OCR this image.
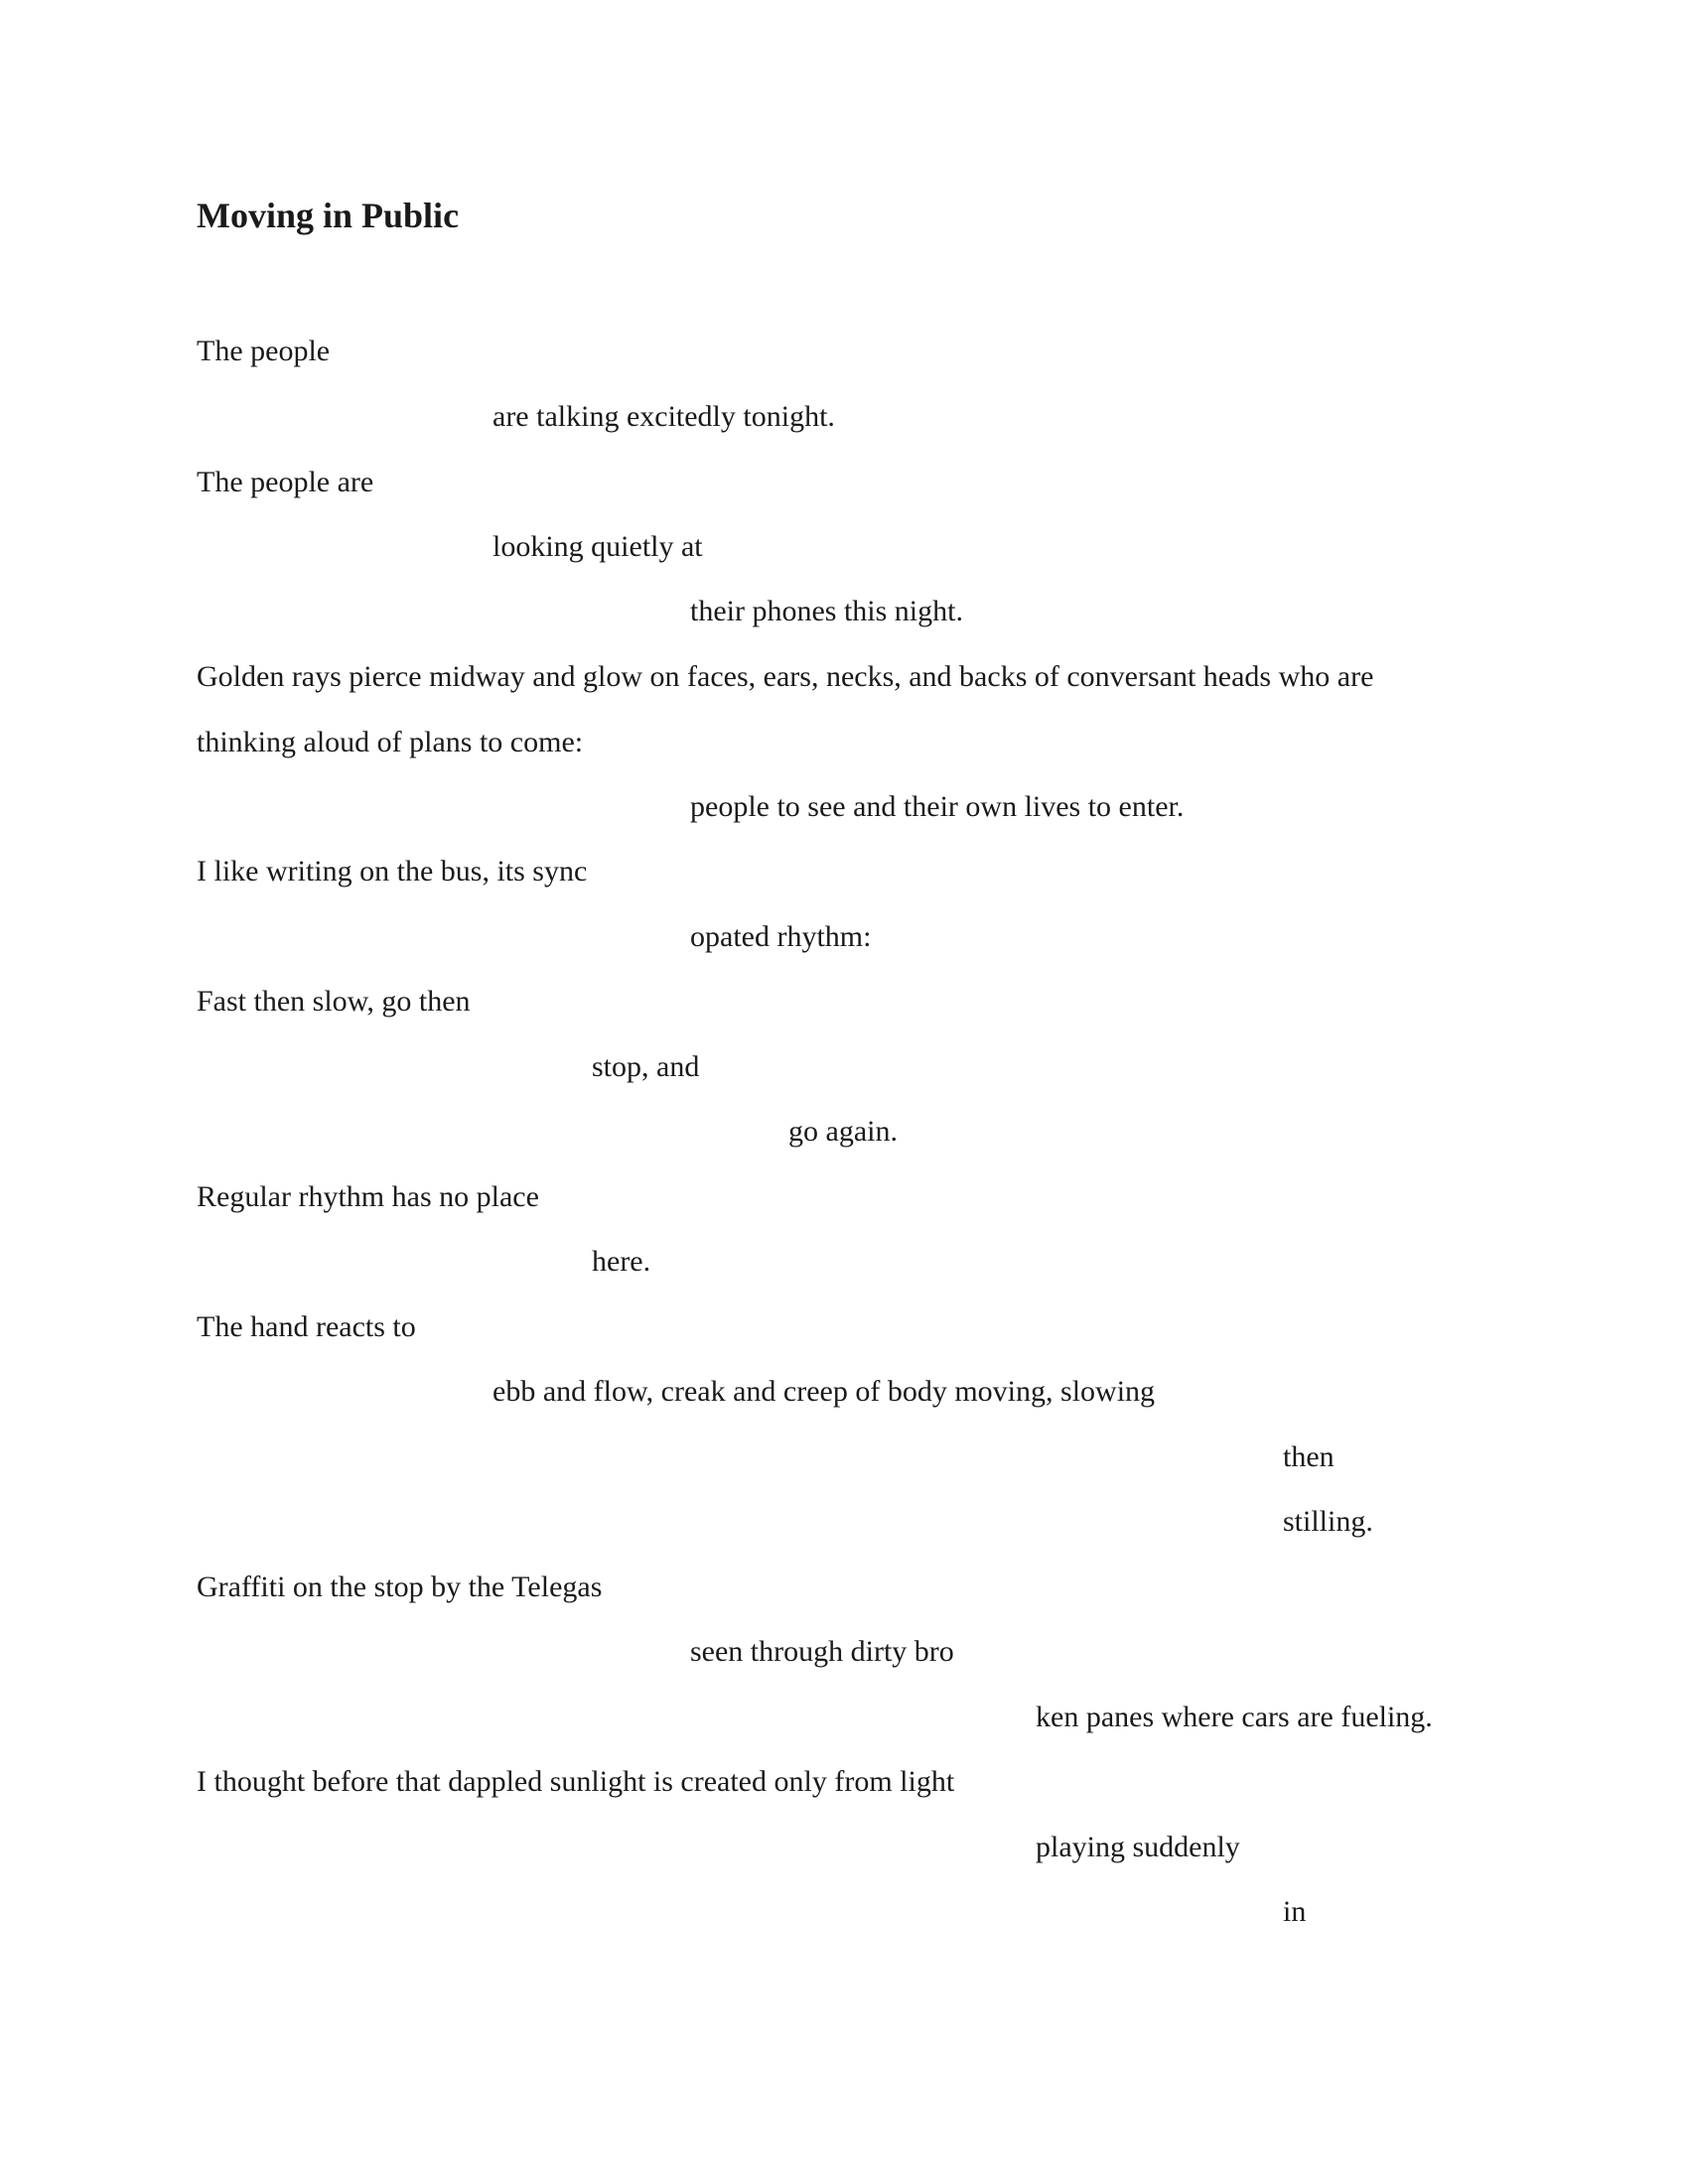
Moving in Public

The people

are talking excitedly tonight.

The people are

looking quietly at

their phones this night.

Golden rays pierce midway and glow on faces, ears, necks, and backs of conversant heads who are

thinking aloud of plans to come:

people to see and their own lives to enter.

I like writing on the bus, its sync

opated rhythm:

Fast then slow, go then

stop, and

go again.

Regular rhythm has no place

here.

The hand reacts to

ebb and flow, creak and creep of body moving, slowing

then

stilling.

Graffiti on the stop by the Telegas

seen through dirty bro

ken panes where cars are fueling.

I thought before that dappled sunlight is created only from light

playing suddenly

in
